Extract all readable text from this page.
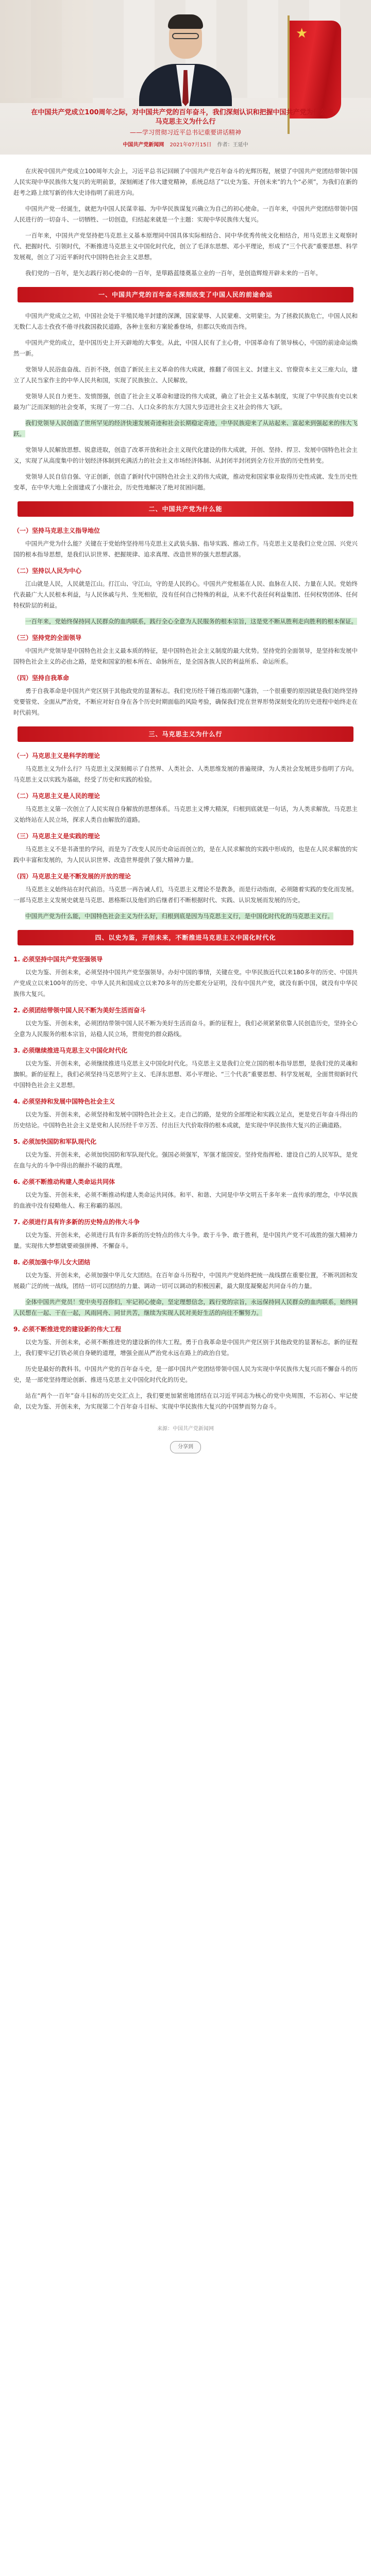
★
在中国共产党成立100周年之际，对中国共产党的百年奋斗，我们深刻认识和把握中国共产党为什么能、马克思主义为什么行
——学习贯彻习近平总书记重要讲话精神
中国共产党新闻网 2021年07月15日 作者：王延中

在庆祝中国共产党成立100周年大会上，习近平总书记回顾了中国共产党百年奋斗的光辉历程，展望了中国共产党团结带领中国人民实现中华民族伟大复兴的光明前景，深刻阐述了伟大建党精神，系统总结了“以史为鉴、开创未来”的九个“必须”，为我们在新的赶考之路上续写新的伟大史诗指明了前进方向。

中国共产党一经诞生，就把为中国人民谋幸福、为中华民族谋复兴确立为自己的初心使命。一百年来，中国共产党团结带领中国人民进行的一切奋斗、一切牺牲、一切创造，归结起来就是一个主题：实现中华民族伟大复兴。

一百年来，中国共产党坚持把马克思主义基本原理同中国具体实际相结合、同中华优秀传统文化相结合，用马克思主义观察时代、把握时代、引领时代，不断推进马克思主义中国化时代化，创立了毛泽东思想、邓小平理论，形成了“三个代表”重要思想、科学发展观，创立了习近平新时代中国特色社会主义思想。

我们党的一百年，是矢志践行初心使命的一百年，是筚路蓝缕奠基立业的一百年，是创造辉煌开辟未来的一百年。

一、中国共产党的百年奋斗深刻改变了中国人民的前途命运

中国共产党成立之初，中国社会处于半殖民地半封建的深渊，国家蒙辱、人民蒙难、文明蒙尘。为了拯救民族危亡，中国人民和无数仁人志士孜孜不倦寻找救国救民道路，各种主张和方案轮番登场，但都以失败而告终。

中国共产党的成立，是中国历史上开天辟地的大事变。从此，中国人民有了主心骨，中国革命有了领导核心，中国的前途命运焕然一新。

党领导人民浴血奋战、百折不挠，创造了新民主主义革命的伟大成就，推翻了帝国主义、封建主义、官僚资本主义三座大山，建立了人民当家作主的中华人民共和国，实现了民族独立、人民解放。

党领导人民自力更生、发愤图强，创造了社会主义革命和建设的伟大成就，确立了社会主义基本制度，实现了中华民族有史以来最为广泛而深刻的社会变革，实现了一穷二白、人口众多的东方大国大步迈进社会主义社会的伟大飞跃。

我们党领导人民创造了世所罕见的经济快速发展奇迹和社会长期稳定奇迹，中华民族迎来了从站起来、富起来到强起来的伟大飞跃。

党领导人民解放思想、锐意进取，创造了改革开放和社会主义现代化建设的伟大成就，开创、坚持、捍卫、发展中国特色社会主义，实现了从高度集中的计划经济体制到充满活力的社会主义市场经济体制、从封闭半封闭到全方位开放的历史性转变。

党领导人民自信自强、守正创新，创造了新时代中国特色社会主义的伟大成就，推动党和国家事业取得历史性成就、发生历史性变革，在中华大地上全面建成了小康社会，历史性地解决了绝对贫困问题。

二、中国共产党为什么能
（一）坚持马克思主义指导地位

中国共产党为什么能？关键在于党始终坚持用马克思主义武装头脑、指导实践、推动工作。马克思主义是我们立党立国、兴党兴国的根本指导思想，是我们认识世界、把握规律、追求真理、改造世界的强大思想武器。

（二）坚持以人民为中心

江山就是人民，人民就是江山。打江山、守江山，守的是人民的心。中国共产党根基在人民、血脉在人民、力量在人民。党始终代表最广大人民根本利益，与人民休戚与共、生死相依，没有任何自己特殊的利益，从来不代表任何利益集团、任何权势团体、任何特权阶层的利益。

一百年来，党始终保持同人民群众的血肉联系，践行全心全意为人民服务的根本宗旨，这是党不断从胜利走向胜利的根本保证。

（三）坚持党的全面领导

中国共产党领导是中国特色社会主义最本质的特征，是中国特色社会主义制度的最大优势。坚持党的全面领导，是坚持和发展中国特色社会主义的必由之路，是党和国家的根本所在、命脉所在，是全国各族人民的利益所系、命运所系。

（四）坚持自我革命

勇于自我革命是中国共产党区别于其他政党的显著标志。我们党历经千锤百炼而朝气蓬勃，一个很重要的原因就是我们始终坚持党要管党、全面从严治党，不断应对好自身在各个历史时期面临的风险考验，确保我们党在世界形势深刻变化的历史进程中始终走在时代前列。

三、马克思主义为什么行
（一）马克思主义是科学的理论

马克思主义为什么行？马克思主义深刻揭示了自然界、人类社会、人类思维发展的普遍规律，为人类社会发展进步指明了方向。马克思主义以实践为基础，经受了历史和实践的检验。

（二）马克思主义是人民的理论

马克思主义第一次创立了人民实现自身解放的思想体系。马克思主义博大精深，归根到底就是一句话，为人类求解放。马克思主义始终站在人民立场，探求人类自由解放的道路。

（三）马克思主义是实践的理论

马克思主义不是书斋里的学问，而是为了改变人民历史命运而创立的，是在人民求解放的实践中形成的，也是在人民求解放的实践中丰富和发展的，为人民认识世界、改造世界提供了强大精神力量。

（四）马克思主义是不断发展的开放的理论

马克思主义始终站在时代前沿。马克思一再告诫人们，马克思主义理论不是教条，而是行动指南，必须随着实践的变化而发展。一部马克思主义发展史就是马克思、恩格斯以及他们的后继者们不断根据时代、实践、认识发展而发展的历史。

中国共产党为什么能，中国特色社会主义为什么好，归根到底是因为马克思主义行，是中国化时代化的马克思主义行。

四、以史为鉴，开创未来，不断推进马克思主义中国化时代化
1. 必须坚持中国共产党坚强领导

以史为鉴、开创未来，必须坚持中国共产党坚强领导。办好中国的事情，关键在党。中华民族近代以来180多年的历史、中国共产党成立以来100年的历史、中华人民共和国成立以来70多年的历史都充分证明，没有中国共产党，就没有新中国，就没有中华民族伟大复兴。

2. 必须团结带领中国人民不断为美好生活而奋斗

以史为鉴、开创未来，必须团结带领中国人民不断为美好生活而奋斗。新的征程上，我们必须紧紧依靠人民创造历史，坚持全心全意为人民服务的根本宗旨，站稳人民立场，贯彻党的群众路线。

3. 必须继续推进马克思主义中国化时代化

以史为鉴、开创未来，必须继续推进马克思主义中国化时代化。马克思主义是我们立党立国的根本指导思想，是我们党的灵魂和旗帜。新的征程上，我们必须坚持马克思列宁主义、毛泽东思想、邓小平理论、“三个代表”重要思想、科学发展观，全面贯彻新时代中国特色社会主义思想。

4. 必须坚持和发展中国特色社会主义

以史为鉴、开创未来，必须坚持和发展中国特色社会主义。走自己的路，是党的全部理论和实践立足点，更是党百年奋斗得出的历史结论。中国特色社会主义是党和人民历经千辛万苦、付出巨大代价取得的根本成就，是实现中华民族伟大复兴的正确道路。

5. 必须加快国防和军队现代化

以史为鉴、开创未来，必须加快国防和军队现代化。强国必须强军，军强才能国安。坚持党指挥枪、建设自己的人民军队，是党在血与火的斗争中得出的颠扑不破的真理。

6. 必须不断推动构建人类命运共同体

以史为鉴、开创未来，必须不断推动构建人类命运共同体。和平、和谐、大同是中华文明五千多年来一直传承的理念，中华民族的血液中没有侵略他人、称王称霸的基因。

7. 必须进行具有许多新的历史特点的伟大斗争

以史为鉴、开创未来，必须进行具有许多新的历史特点的伟大斗争。敢于斗争、敢于胜利，是中国共产党不可战胜的强大精神力量。实现伟大梦想就要顽强拼搏、不懈奋斗。

8. 必须加强中华儿女大团结

以史为鉴、开创未来，必须加强中华儿女大团结。在百年奋斗历程中，中国共产党始终把统一战线摆在重要位置，不断巩固和发展最广泛的统一战线，团结一切可以团结的力量、调动一切可以调动的积极因素，最大限度凝聚起共同奋斗的力量。

全体中国共产党员！党中央号召你们，牢记初心使命，坚定理想信念，践行党的宗旨，永远保持同人民群众的血肉联系，始终同人民想在一起、干在一起，风雨同舟、同甘共苦，继续为实现人民对美好生活的向往不懈努力。

9. 必须不断推进党的建设新的伟大工程

以史为鉴、开创未来，必须不断推进党的建设新的伟大工程。勇于自我革命是中国共产党区别于其他政党的显著标志。新的征程上，我们要牢记打铁必须自身硬的道理，增强全面从严治党永远在路上的政治自觉。

历史是最好的教科书。中国共产党的百年奋斗史，是一部中国共产党团结带领中国人民为实现中华民族伟大复兴而不懈奋斗的历史，是一部党坚持理论创新、推进马克思主义中国化时代化的历史。

站在“两个一百年”奋斗目标的历史交汇点上，我们要更加紧密地团结在以习近平同志为核心的党中央周围，不忘初心、牢记使命，以史为鉴、开创未来，为实现第二个百年奋斗目标、实现中华民族伟大复兴的中国梦而努力奋斗。

来源：中国共产党新闻网
分享到
